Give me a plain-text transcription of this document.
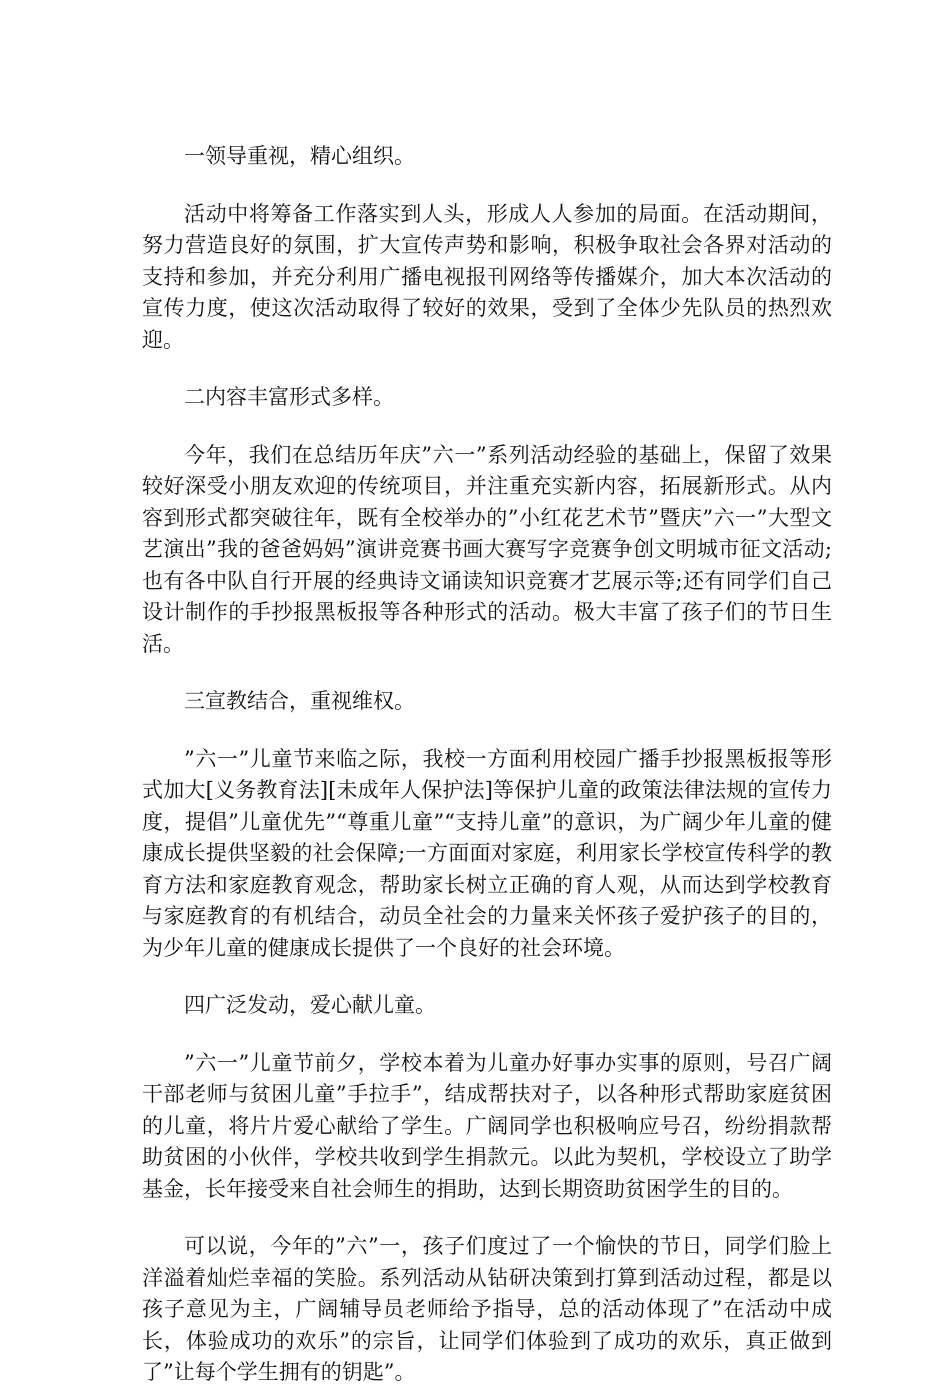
一领导重视，精心组织。

活动中将筹备工作落实到人头，形成人人参加的局面。在活动期间，努力营造良好的氛围，扩大宣传声势和影响，积极争取社会各界对活动的支持和参加，并充分利用广播电视报刊网络等传播媒介，加大本次活动的宣传力度，使这次活动取得了较好的效果，受到了全体少先队员的热烈欢迎。

二内容丰富形式多样。

今年，我们在总结历年庆”六一”系列活动经验的基础上，保留了效果较好深受小朋友欢迎的传统项目，并注重充实新内容，拓展新形式。从内容到形式都突破往年，既有全校举办的”小红花艺术节”暨庆”六一”大型文艺演出”我的爸爸妈妈”演讲竞赛书画大赛写字竞赛争创文明城市征文活动;也有各中队自行开展的经典诗文诵读知识竞赛才艺展示等;还有同学们自己设计制作的手抄报黑板报等各种形式的活动。极大丰富了孩子们的节日生活。

三宣教结合，重视维权。

”六一”儿童节来临之际，我校一方面利用校园广播手抄报黑板报等形式加大[义务教育法][未成年人保护法]等保护儿童的政策法律法规的宣传力度，提倡”儿童优先”“尊重儿童”“支持儿童”的意识，为广阔少年儿童的健康成长提供坚毅的社会保障;一方面面对家庭，利用家长学校宣传科学的教育方法和家庭教育观念，帮助家长树立正确的育人观，从而达到学校教育与家庭教育的有机结合，动员全社会的力量来关怀孩子爱护孩子的目的，为少年儿童的健康成长提供了一个良好的社会环境。

四广泛发动，爱心献儿童。

”六一”儿童节前夕，学校本着为儿童办好事办实事的原则，号召广阔干部老师与贫困儿童”手拉手”，结成帮扶对子，以各种形式帮助家庭贫困的儿童，将片片爱心献给了学生。广阔同学也积极响应号召，纷纷捐款帮助贫困的小伙伴，学校共收到学生捐款元。以此为契机，学校设立了助学基金，长年接受来自社会师生的捐助，达到长期资助贫困学生的目的。

可以说，今年的”六”一，孩子们度过了一个愉快的节日，同学们脸上洋溢着灿烂幸福的笑脸。系列活动从钻研决策到打算到活动过程，都是以孩子意见为主，广阔辅导员老师给予指导，总的活动体现了”在活动中成长，体验成功的欢乐”的宗旨，让同学们体验到了成功的欢乐，真正做到了”让每个学生拥有的钥匙”。
